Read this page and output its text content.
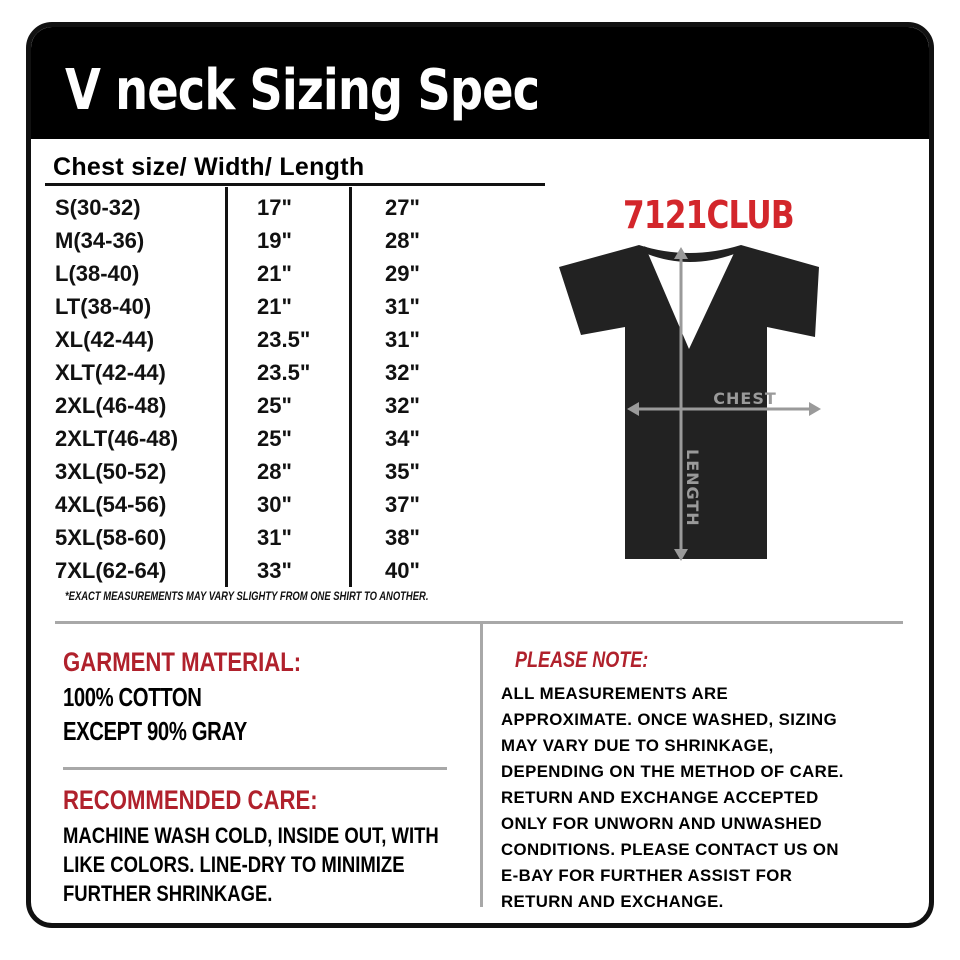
V neck Sizing Spec
Chest size/ Width/ Length
S(30-32)	17"	27"
M(34-36)	19"	28"
L(38-40)	21"	29"
LT(38-40)	21"	31"
XL(42-44)	23.5"	31"
XLT(42-44)	23.5"	32"
2XL(46-48)	25"	32"
2XLT(46-48)	25"	34"
3XL(50-52)	28"	35"
4XL(54-56)	30"	37"
5XL(58-60)	31"	38"
7XL(62-64)	33"	40"
*EXACT MEASUREMENTS MAY VARY SLIGHTY FROM ONE SHIRT TO ANOTHER.
7121CLUB
CHEST
LENGTH
GARMENT MATERIAL:
100% COTTON
EXCEPT 90% GRAY
RECOMMENDED CARE:
MACHINE WASH COLD, INSIDE OUT, WITH
LIKE COLORS. LINE-DRY TO MINIMIZE
FURTHER SHRINKAGE.
PLEASE NOTE:
ALL MEASUREMENTS ARE
APPROXIMATE. ONCE WASHED, SIZING
MAY VARY DUE TO SHRINKAGE,
DEPENDING ON THE METHOD OF CARE.
RETURN AND EXCHANGE ACCEPTED
ONLY FOR UNWORN AND UNWASHED
CONDITIONS. PLEASE CONTACT US ON
E-BAY FOR FURTHER ASSIST FOR
RETURN AND EXCHANGE.
